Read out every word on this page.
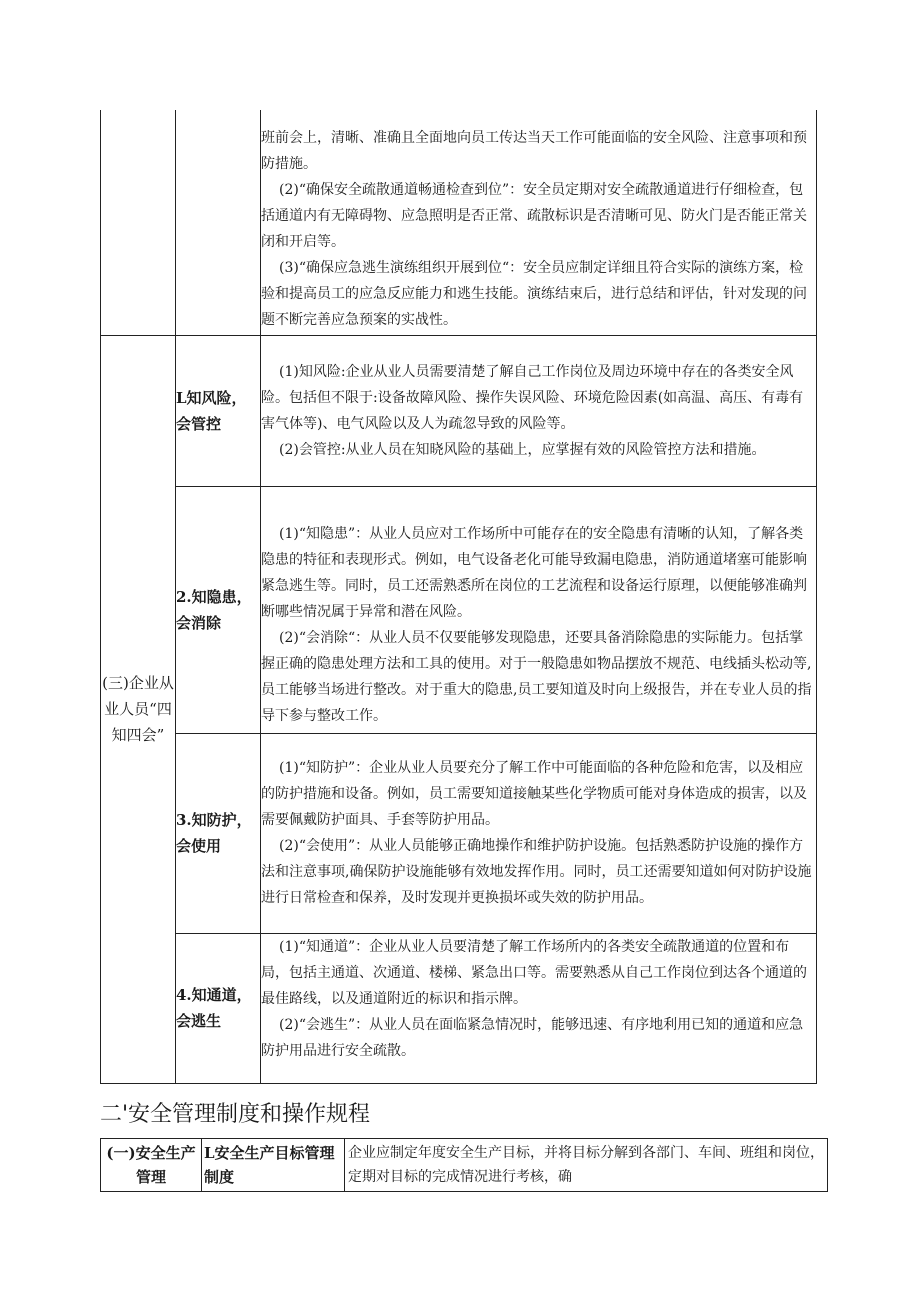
		班前会上，清晰、准确且全面地向员工传达当天工作可能面临的安全风险、注意事项和预防措施。

(2)“确保安全疏散通道畅通检查到位”：安全员定期对安全疏散通道进行仔细检查，包括通道内有无障碍物、应急照明是否正常、疏散标识是否清晰可见、防火门是否能正常关闭和开启等。

(3)“确保应急逃生演练组织开展到位“：安全员应制定详细且符合实际的演练方案，检验和提高员工的应急反应能力和逃生技能。演练结束后，进行总结和评估，针对发现的问题不断完善应急预案的实战性。

(三)企业从业人员“四知四会”	L知风险，会管控	(1)知风险:企业从业人员需要清楚了解自己工作岗位及周边环境中存在的各类安全风险。包括但不限于:设备故障风险、操作失误风险、环境危险因素(如高温、高压、有毒有害气体等)、电气风险以及人为疏忽导致的风险等。

(2)会管控:从业人员在知晓风险的基础上，应掌握有效的风险管控方法和措施。

	2.知隐患，会消除	(1)“知隐患”：从业人员应对工作场所中可能存在的安全隐患有清晰的认知，了解各类隐患的特征和表现形式。例如，电气设备老化可能导致漏电隐患，消防通道堵塞可能影响紧急逃生等。同时，员工还需熟悉所在岗位的工艺流程和设备运行原理，以便能够准确判断哪些情况属于异常和潜在风险。

(2)“会消除“：从业人员不仅要能够发现隐患，还要具备消除隐患的实际能力。包括掌握正确的隐患处理方法和工具的使用。对于一般隐患如物品摆放不规范、电线插头松动等,员工能够当场进行整改。对于重大的隐患,员工要知道及时向上级报告，并在专业人员的指导下参与整改工作。

	3.知防护，会使用	(1)“知防护”：企业从业人员要充分了解工作中可能面临的各种危险和危害，以及相应的防护措施和设备。例如，员工需要知道接触某些化学物质可能对身体造成的损害，以及需要佩戴防护面具、手套等防护用品。

(2)“会使用”：从业人员能够正确地操作和维护防护设施。包括熟悉防护设施的操作方法和注意事项,确保防护设施能够有效地发挥作用。同时，员工还需要知道如何对防护设施进行日常检查和保养，及时发现并更换损坏或失效的防护用品。

	4.知通道，会逃生	(1)“知通道”：企业从业人员要清楚了解工作场所内的各类安全疏散通道的位置和布局，包括主通道、次通道、楼梯、紧急出口等。需要熟悉从自己工作岗位到达各个通道的最佳路线，以及通道附近的标识和指示牌。

(2)“会逃生”：从业人员在面临紧急情况时，能够迅速、有序地利用已知的通道和应急防护用品进行安全疏散。

二'安全管理制度和操作规程
(一)安全生产管理	L安全生产目标管理制度	企业应制定年度安全生产目标，并将目标分解到各部门、车间、班组和岗位，定期对目标的完成情况进行考核，确
